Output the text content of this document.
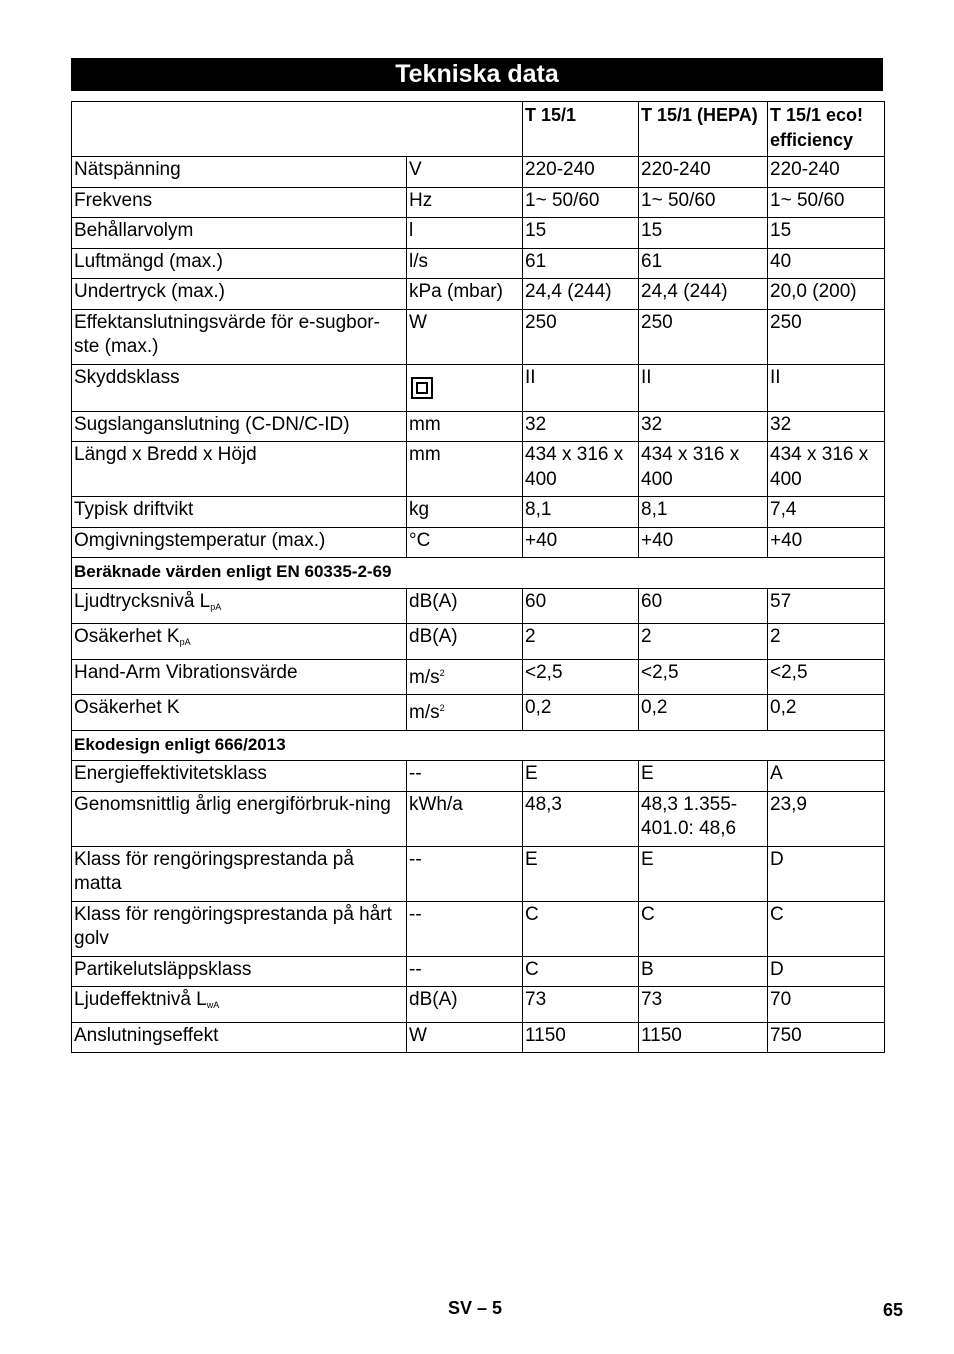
Tekniska data
		T 15/1	T 15/1 (HEPA)	T 15/1 eco! efficiency
Nätspänning	V	220-240	220-240	220-240
Frekvens	Hz	1~ 50/60	1~ 50/60	1~ 50/60
Behållarvolym	l	15	15	15
Luftmängd (max.)	l/s	61	61	40
Undertryck (max.)	kPa (mbar)	24,4 (244)	24,4 (244)	20,0 (200)
Effektanslutningsvärde för e-sugbor-ste (max.)	W	250	250	250
Skyddsklass		II	II	II
Sugslanganslutning (C-DN/C-ID)	mm	32	32	32
Längd x Bredd x Höjd	mm	434 x 316 x 400	434 x 316 x 400	434 x 316 x 400
Typisk driftvikt	kg	8,1	8,1	7,4
Omgivningstemperatur (max.)	°C	+40	+40	+40
Beräknade värden enligt EN 60335-2-69				
Ljudtrycksnivå $L_{pA}$	dB(A)	60	60	57
Osäkerhet $K_{pA}$	dB(A)	2	2	2
Hand-Arm Vibrationsvärde	$m/s^2$	<2,5	<2,5	<2,5
Osäkerhet K	$m/s^2$	0,2	0,2	0,2
Ekodesign enligt 666/2013				
Energieffektivitetsklass	--	E	E	A
Genomsnittlig årlig energiförbruk-ning	kWh/a	48,3	48,3 1.355-401.0: 48,6	23,9
Klass för rengöringsprestanda på matta	--	E	E	D
Klass för rengöringsprestanda på hårt golv	--	C	C	C
Partikelutsläppsklass	--	C	B	D
Ljudeffektnivå $L_{wA}$	dB(A)	73	73	70
Anslutningseffekt	W	1150	1150	750
SV – 5	65
